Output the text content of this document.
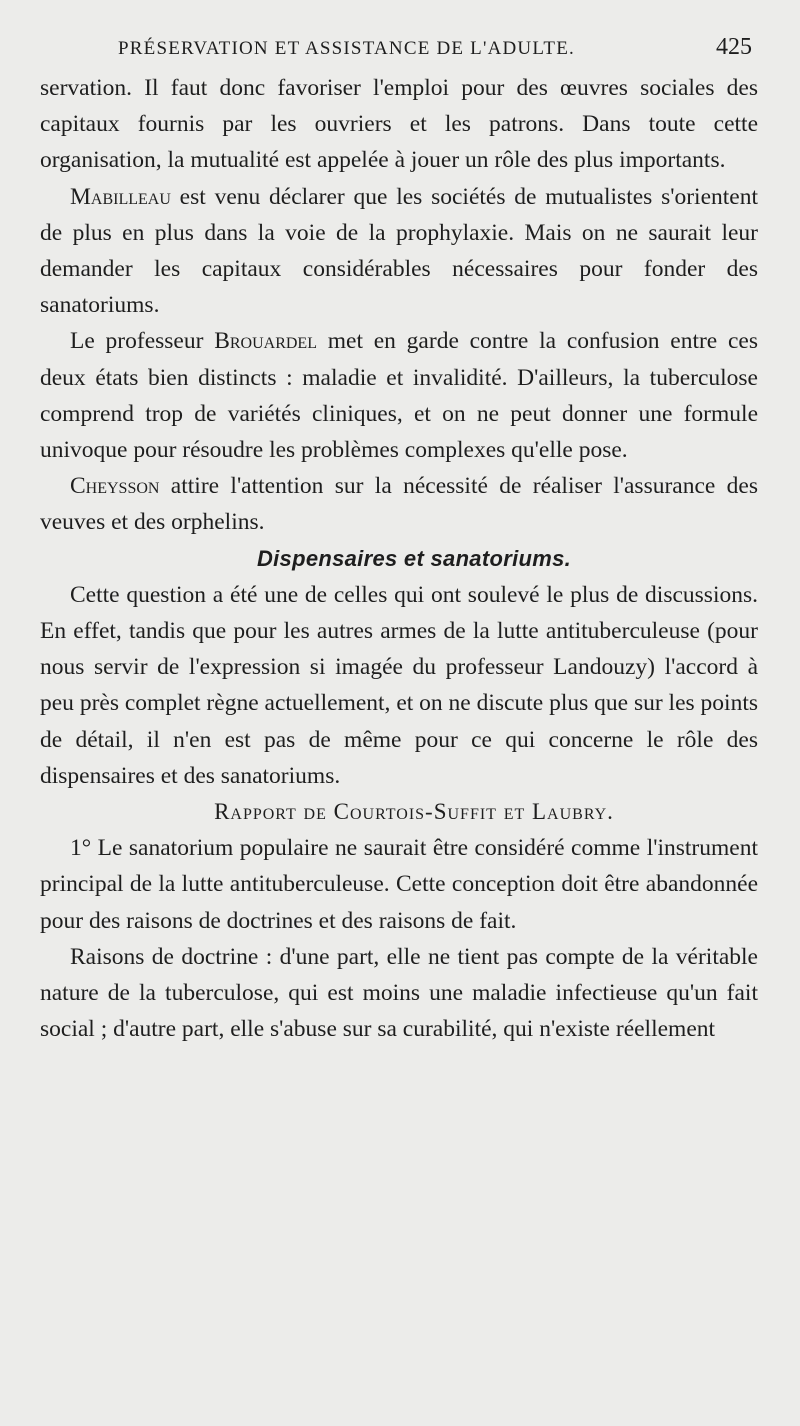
PRÉSERVATION ET ASSISTANCE DE L'ADULTE.	425

servation. Il faut donc favoriser l'emploi pour des œuvres sociales des capitaux fournis par les ouvriers et les patrons. Dans toute cette organisation, la mutualité est appelée à jouer un rôle des plus importants.

Mabilleau est venu déclarer que les sociétés de mutualistes s'orientent de plus en plus dans la voie de la prophylaxie. Mais on ne saurait leur demander les capitaux considérables nécessaires pour fonder des sanatoriums.

Le professeur Brouardel met en garde contre la confusion entre ces deux états bien distincts : maladie et invalidité. D'ailleurs, la tuberculose comprend trop de variétés cliniques, et on ne peut donner une formule univoque pour résoudre les problèmes complexes qu'elle pose.

Cheysson attire l'attention sur la nécessité de réaliser l'assurance des veuves et des orphelins.

Dispensaires et sanatoriums.

Cette question a été une de celles qui ont soulevé le plus de discussions. En effet, tandis que pour les autres armes de la lutte antituberculeuse (pour nous servir de l'expression si imagée du professeur Landouzy) l'accord à peu près complet règne actuellement, et on ne discute plus que sur les points de détail, il n'en est pas de même pour ce qui concerne le rôle des dispensaires et des sanatoriums.

Rapport de Courtois-Suffit et Laubry.

1° Le sanatorium populaire ne saurait être considéré comme l'instrument principal de la lutte antituberculeuse. Cette conception doit être abandonnée pour des raisons de doctrines et des raisons de fait.

Raisons de doctrine : d'une part, elle ne tient pas compte de la véritable nature de la tuberculose, qui est moins une maladie infectieuse qu'un fait social ; d'autre part, elle s'abuse sur sa curabilité, qui n'existe réellement
